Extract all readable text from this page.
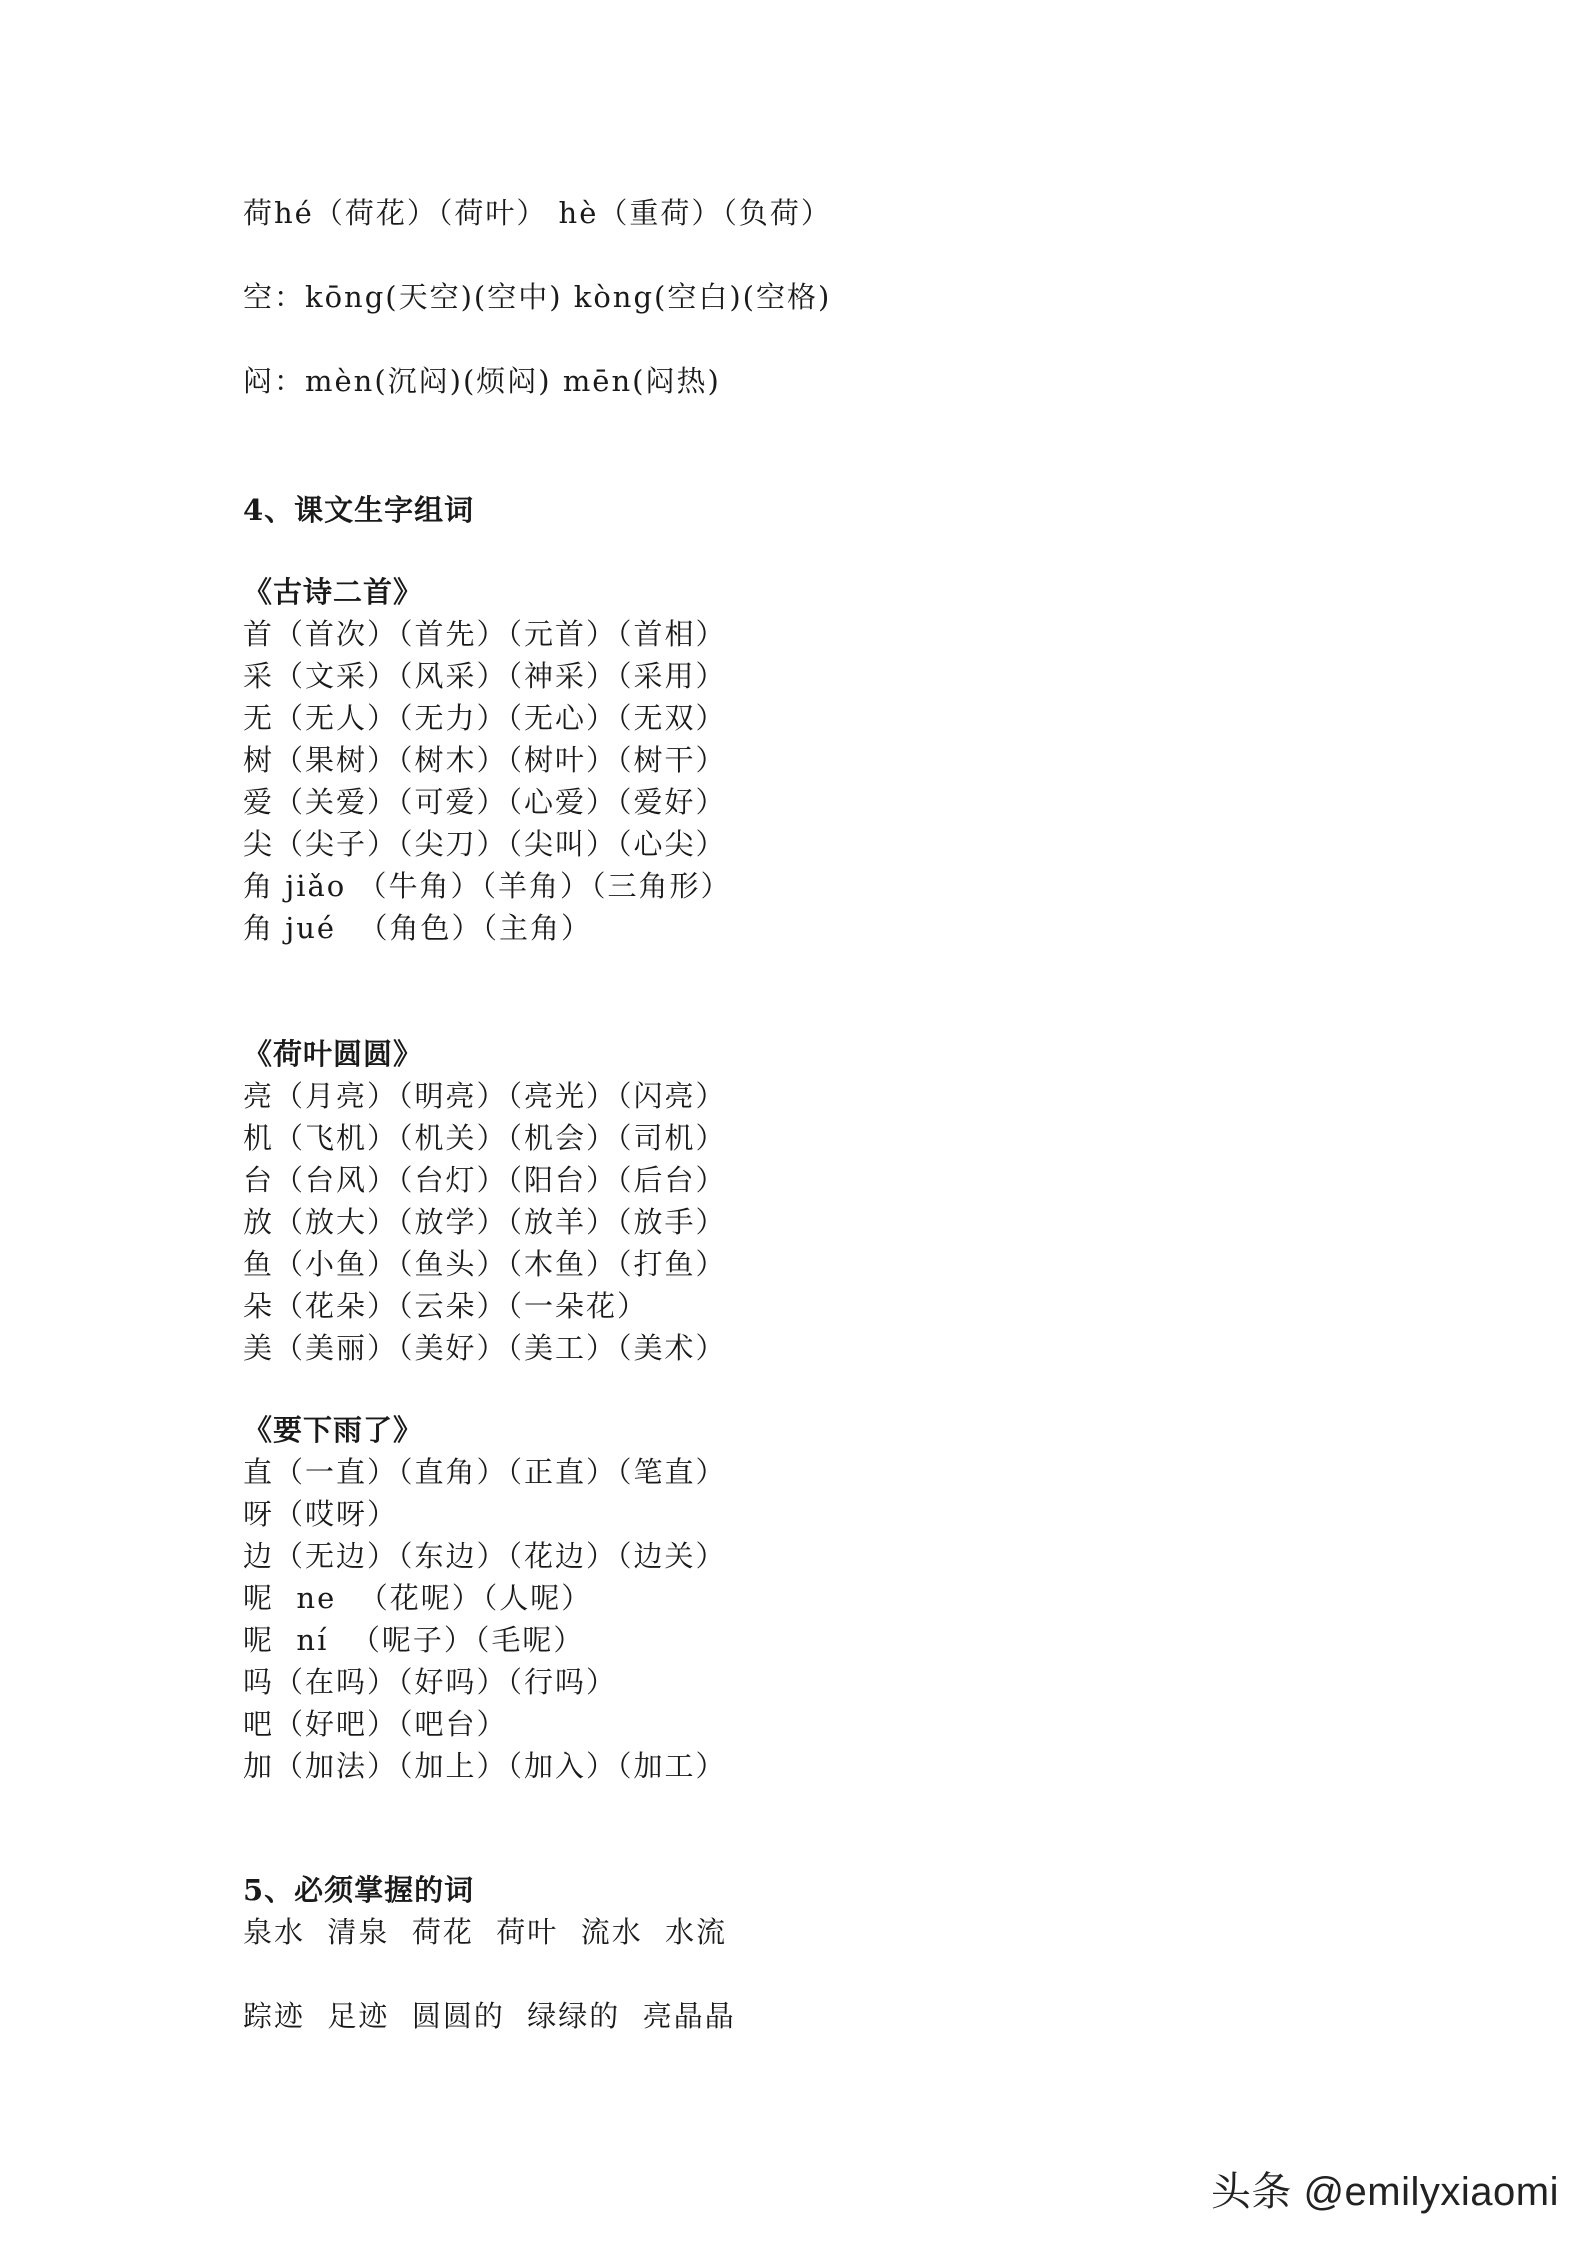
荷hé（荷花）（荷叶） hè（重荷）（负荷）
空：kōng(天空)(空中) kòng(空白)(空格)
闷：mèn(沉闷)(烦闷) mēn(闷热)
4、课文生字组词
《古诗二首》
首（首次）（首先）（元首）（首相）
采（文采）（风采）（神采）（采用）
无（无人）（无力）（无心）（无双）
树（果树）（树木）（树叶）（树干）
爱（关爱）（可爱）（心爱）（爱好）
尖（尖子）（尖刀）（尖叫）（心尖）
角 jiǎo （牛角）（羊角）（三角形）
角 jué  （角色）（主角）
《荷叶圆圆》
亮（月亮）（明亮）（亮光）（闪亮）
机（飞机）（机关）（机会）（司机）
台（台风）（台灯）（阳台）（后台）
放（放大）（放学）（放羊）（放手）
鱼（小鱼）（鱼头）（木鱼）（打鱼）
朵（花朵）（云朵）（一朵花）
美（美丽）（美好）（美工）（美术）
《要下雨了》
直（一直）（直角）（正直）（笔直）
呀（哎呀）
边（无边）（东边）（花边）（边关）
呢  ne  （花呢）（人呢）
呢  ní  （呢子）（毛呢）
吗（在吗）（好吗）（行吗）
吧（好吧）（吧台）
加（加法）（加上）（加入）（加工）
5、必须掌握的词
泉水  清泉  荷花  荷叶  流水  水流
踪迹  足迹  圆圆的  绿绿的  亮晶晶
头条 @emilyxiaomi
